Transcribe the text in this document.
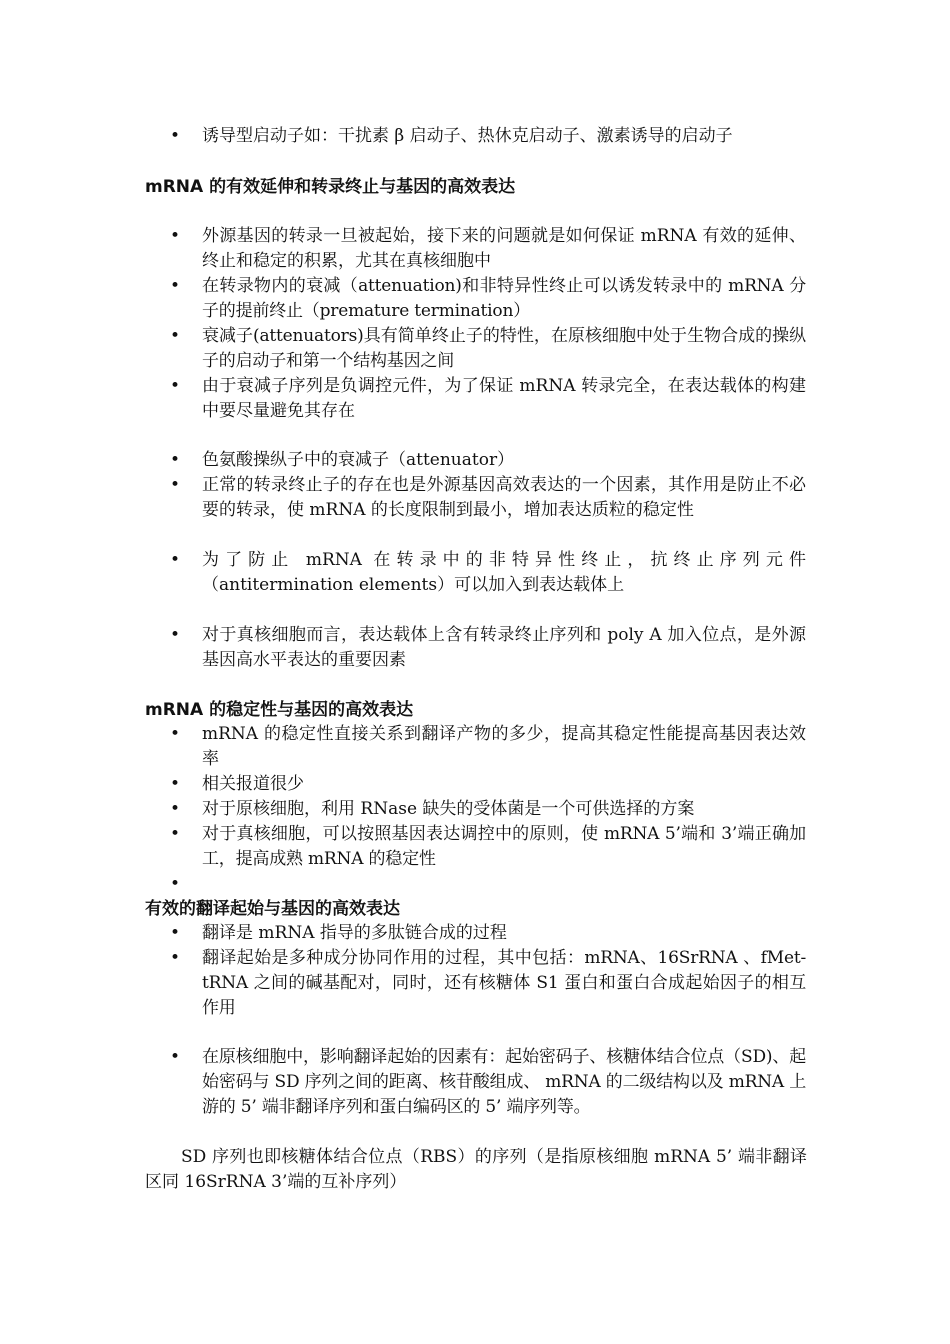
• 诱导型启动子如：干扰素 β 启动子、热休克启动子、激素诱导的启动子
mRNA 的有效延伸和转录终止与基因的高效表达
• 外源基因的转录一旦被起始，接下来的问题就是如何保证 mRNA 有效的延伸、终止和稳定的积累，尤其在真核细胞中
• 在转录物内的衰减（attenuation)和非特异性终止可以诱发转录中的 mRNA 分子的提前终止（premature termination）
• 衰减子(attenuators)具有简单终止子的特性，在原核细胞中处于生物合成的操纵子的启动子和第一个结构基因之间
• 由于衰减子序列是负调控元件，为了保证 mRNA 转录完全，在表达载体的构建中要尽量避免其存在
• 色氨酸操纵子中的衰减子（attenuator）
• 正常的转录终止子的存在也是外源基因高效表达的一个因素，其作用是防止不必要的转录，使 mRNA 的长度限制到最小，增加表达质粒的稳定性
• 为了防止 mRNA 在转录中的非特异性终止，抗终止序列元件（antitermination elements）可以加入到表达载体上
• 对于真核细胞而言，表达载体上含有转录终止序列和 poly A 加入位点，是外源基因高水平表达的重要因素
mRNA 的稳定性与基因的高效表达
• mRNA 的稳定性直接关系到翻译产物的多少，提高其稳定性能提高基因表达效率
• 相关报道很少
• 对于原核细胞，利用 RNase 缺失的受体菌是一个可供选择的方案
• 对于真核细胞，可以按照基因表达调控中的原则，使 mRNA 5’端和 3’端正确加工，提高成熟 mRNA 的稳定性
•
有效的翻译起始与基因的高效表达
• 翻译是 mRNA 指导的多肽链合成的过程
• 翻译起始是多种成分协同作用的过程，其中包括：mRNA、16SrRNA 、fMet-tRNA 之间的碱基配对，同时，还有核糖体 S1 蛋白和蛋白合成起始因子的相互作用
• 在原核细胞中，影响翻译起始的因素有：起始密码子、核糖体结合位点（SD)、起始密码与 SD 序列之间的距离、核苷酸组成、 mRNA 的二级结构以及 mRNA 上游的 5’ 端非翻译序列和蛋白编码区的 5’ 端序列等。
SD 序列也即核糖体结合位点（RBS）的序列（是指原核细胞 mRNA 5’ 端非翻译区同 16SrRNA 3’端的互补序列）
